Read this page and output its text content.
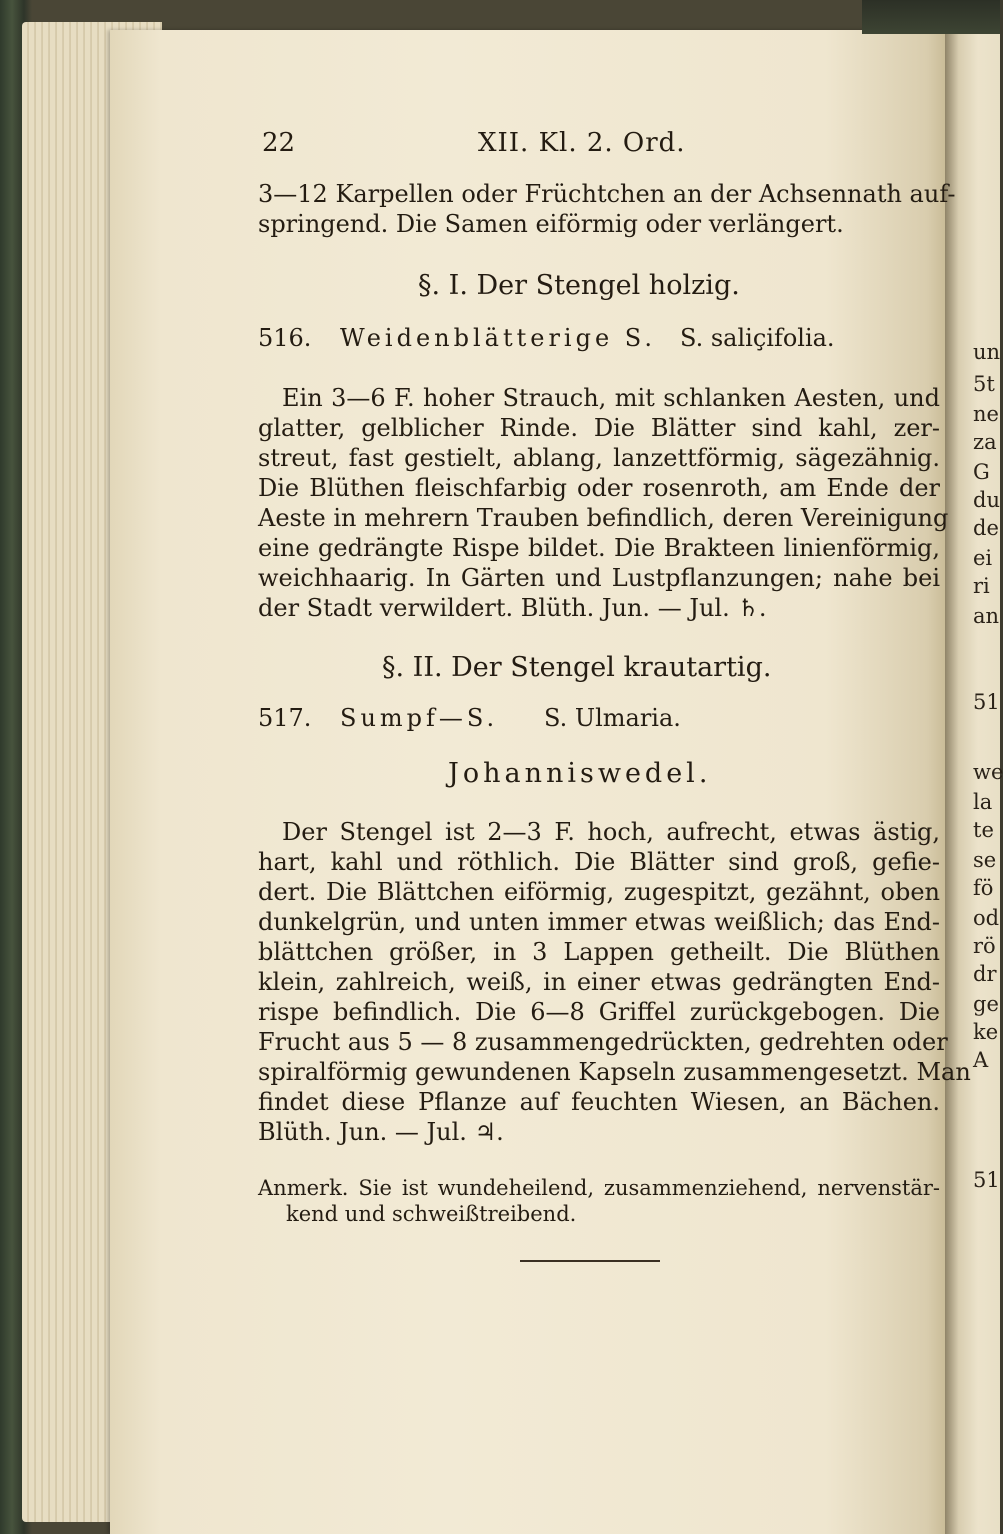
un
5t
ne
za
G
du
de
ei
ri
an
51
we
la
te
se
fö
od
rö
dr
ge
ke
A
51
22	XII. Kl. 2. Ord.
3—12 Karpellen oder Früchtchen an der Achsennath auf-
springend. Die Samen eiförmig oder verlängert.
§. I. Der Stengel holzig.
516. Weidenblätterige S. S. saliçifolia.
Ein 3—6 F. hoher Strauch, mit schlanken Aesten, und
glatter, gelblicher Rinde. Die Blätter sind kahl, zer-
streut, fast gestielt, ablang, lanzettförmig, sägezähnig.
Die Blüthen fleischfarbig oder rosenroth, am Ende der
Aeste in mehrern Trauben befindlich, deren Vereinigung
eine gedrängte Rispe bildet. Die Brakteen linienförmig,
weichhaarig. In Gärten und Lustpflanzungen; nahe bei
der Stadt verwildert. Blüth. Jun. — Jul. ♄.
§. II. Der Stengel krautartig.
517. Sumpf—S. S. Ulmaria.
Johanniswedel.
Der Stengel ist 2—3 F. hoch, aufrecht, etwas ästig,
hart, kahl und röthlich. Die Blätter sind groß, gefie-
dert. Die Blättchen eiförmig, zugespitzt, gezähnt, oben
dunkelgrün, und unten immer etwas weißlich; das End-
blättchen größer, in 3 Lappen getheilt. Die Blüthen
klein, zahlreich, weiß, in einer etwas gedrängten End-
rispe befindlich. Die 6—8 Griffel zurückgebogen. Die
Frucht aus 5 — 8 zusammengedrückten, gedrehten oder
spiralförmig gewundenen Kapseln zusammengesetzt. Man
findet diese Pflanze auf feuchten Wiesen, an Bächen.
Blüth. Jun. — Jul. ♃.
Anmerk. Sie ist wundeheilend, zusammenziehend, nervenstär-
kend und schweißtreibend.
